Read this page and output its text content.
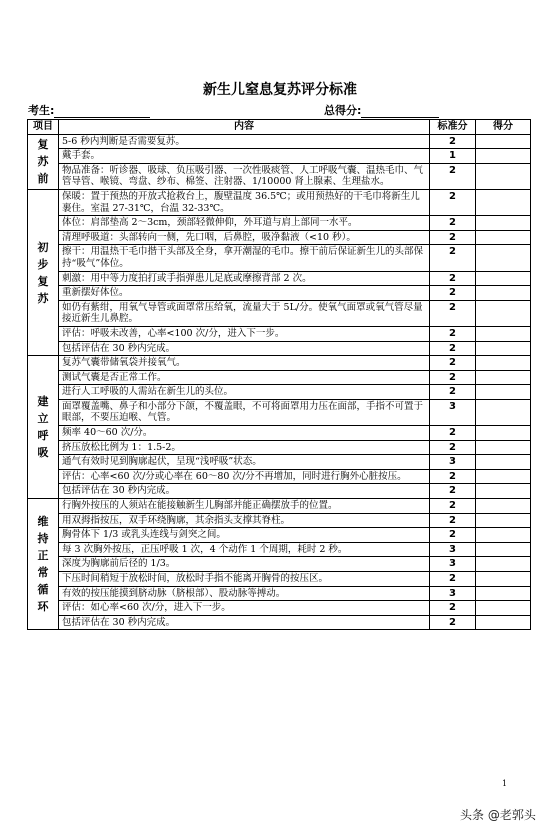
新生儿窒息复苏评分标准
考生:	总得分:
项目	内容	标准分	得分
复苏前	5-6 秒内判断是否需要复苏。	2	
	戴手套。	1	
	物品准备：听诊器、吸球、负压吸引器、一次性吸痰管、人工呼吸气囊、温热毛巾、气管导管、喉镜、弯盘、纱布、棉签、注射器、1/10000 肾上腺素、生理盐水。	2	
初步复苏	保暖：置于预热的开放式抢救台上，腹壁温度 36.5℃；或用预热好的干毛巾将新生儿裹住。室温 27-31℃，台温 32-33℃。	2	
	体位：肩部垫高 2～3cm，颈部轻微伸仰，外耳道与肩上部同一水平。	2	
	清理呼吸道：头部转向一侧，先口咽，后鼻腔，吸净黏液（<10 秒）。	2	
	擦干：用温热干毛巾揩干头部及全身，拿开潮湿的毛巾。擦干前后保证新生儿的头部保持“吸气”体位。	2	
	刺激：用中等力度拍打或手指弹患儿足底或摩擦背部 2 次。	2	
	重新摆好体位。	2	
	如仍有紫绀，用氧气导管或面罩常压给氧，流量大于 5L/分。使氧气面罩或氧气管尽量接近新生儿鼻腔。	2	
	评估：呼吸未改善，心率<100 次/分，进入下一步。	2	
	包括评估在 30 秒内完成。	2	
建立呼吸	复苏气囊带储氧袋并接氧气。	2	
	测试气囊是否正常工作。	2	
	进行人工呼吸的人需站在新生儿的头位。	2	
	面罩覆盖嘴、鼻子和小部分下颌，不覆盖眼，不可将面罩用力压在面部，手指不可置于眼部，不要压迫喉、气管。	3	
	频率 40～60 次/分。	2	
	挤压放松比例为 1：1.5-2。	2	
	通气有效时见到胸廓起伏，呈现“浅呼吸”状态。	3	
	评估：心率<60 次/分或心率在 60～80 次/分不再增加，同时进行胸外心脏按压。	2	
	包括评估在 30 秒内完成。	2	
维持正常循环	行胸外按压的人须站在能接触新生儿胸部并能正确摆放手的位置。	2	
	用双拇指按压，双手环绕胸廓，其余指头支撑其脊柱。	2	
	胸骨体下 1/3 或乳头连线与剑突之间。	2	
	每 3 次胸外按压，正压呼吸 1 次，4 个动作 1 个周期，耗时 2 秒。	3	
	深度为胸廓前后径的 1/3。	3	
	下压时间稍短于放松时间，放松时手指不能离开胸骨的按压区。	2	
	有效的按压能摸到脐动脉（脐根部）、股动脉等搏动。	3	
	评估：如心率<60 次/分，进入下一步。	2	
	包括评估在 30 秒内完成。	2	
1
头条 @老郭头
